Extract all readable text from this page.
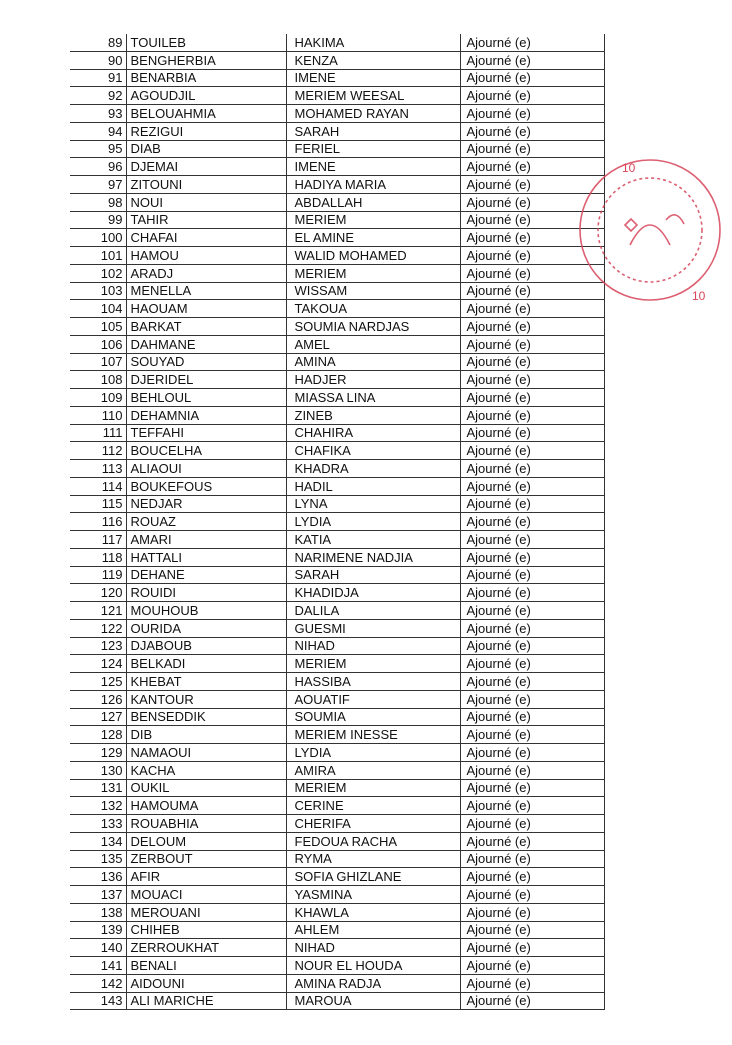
89	TOUILEB	HAKIMA	Ajourné (e)
90	BENGHERBIA	KENZA	Ajourné (e)
91	BENARBIA	IMENE	Ajourné (e)
92	AGOUDJIL	MERIEM WEESAL	Ajourné (e)
93	BELOUAHMIA	MOHAMED RAYAN	Ajourné (e)
94	REZIGUI	SARAH	Ajourné (e)
95	DIAB	FERIEL	Ajourné (e)
96	DJEMAI	IMENE	Ajourné (e)
97	ZITOUNI	HADIYA MARIA	Ajourné (e)
98	NOUI	ABDALLAH	Ajourné (e)
99	TAHIR	MERIEM	Ajourné (e)
100	CHAFAI	EL AMINE	Ajourné (e)
101	HAMOU	WALID MOHAMED	Ajourné (e)
102	ARADJ	MERIEM	Ajourné (e)
103	MENELLA	WISSAM	Ajourné (e)
104	HAOUAM	TAKOUA	Ajourné (e)
105	BARKAT	SOUMIA NARDJAS	Ajourné (e)
106	DAHMANE	AMEL	Ajourné (e)
107	SOUYAD	AMINA	Ajourné (e)
108	DJERIDEL	HADJER	Ajourné (e)
109	BEHLOUL	MIASSA LINA	Ajourné (e)
110	DEHAMNIA	ZINEB	Ajourné (e)
111	TEFFAHI	CHAHIRA	Ajourné (e)
112	BOUCELHA	CHAFIKA	Ajourné (e)
113	ALIAOUI	KHADRA	Ajourné (e)
114	BOUKEFOUS	HADIL	Ajourné (e)
115	NEDJAR	LYNA	Ajourné (e)
116	ROUAZ	LYDIA	Ajourné (e)
117	AMARI	KATIA	Ajourné (e)
118	HATTALI	NARIMENE NADJIA	Ajourné (e)
119	DEHANE	SARAH	Ajourné (e)
120	ROUIDI	KHADIDJA	Ajourné (e)
121	MOUHOUB	DALILA	Ajourné (e)
122	OURIDA	GUESMI	Ajourné (e)
123	DJABOUB	NIHAD	Ajourné (e)
124	BELKADI	MERIEM	Ajourné (e)
125	KHEBAT	HASSIBA	Ajourné (e)
126	KANTOUR	AOUATIF	Ajourné (e)
127	BENSEDDIK	SOUMIA	Ajourné (e)
128	DIB	MERIEM INESSE	Ajourné (e)
129	NAMAOUI	LYDIA	Ajourné (e)
130	KACHA	AMIRA	Ajourné (e)
131	OUKIL	MERIEM	Ajourné (e)
132	HAMOUMA	CERINE	Ajourné (e)
133	ROUABHIA	CHERIFA	Ajourné (e)
134	DELOUM	FEDOUA RACHA	Ajourné (e)
135	ZERBOUT	RYMA	Ajourné (e)
136	AFIR	SOFIA GHIZLANE	Ajourné (e)
137	MOUACI	YASMINA	Ajourné (e)
138	MEROUANI	KHAWLA	Ajourné (e)
139	CHIHEB	AHLEM	Ajourné (e)
140	ZERROUKHAT	NIHAD	Ajourné (e)
141	BENALI	NOUR EL HOUDA	Ajourné (e)
142	AIDOUNI	AMINA RADJA	Ajourné (e)
143	ALI MARICHE	MAROUA	Ajourné (e)
10
10
